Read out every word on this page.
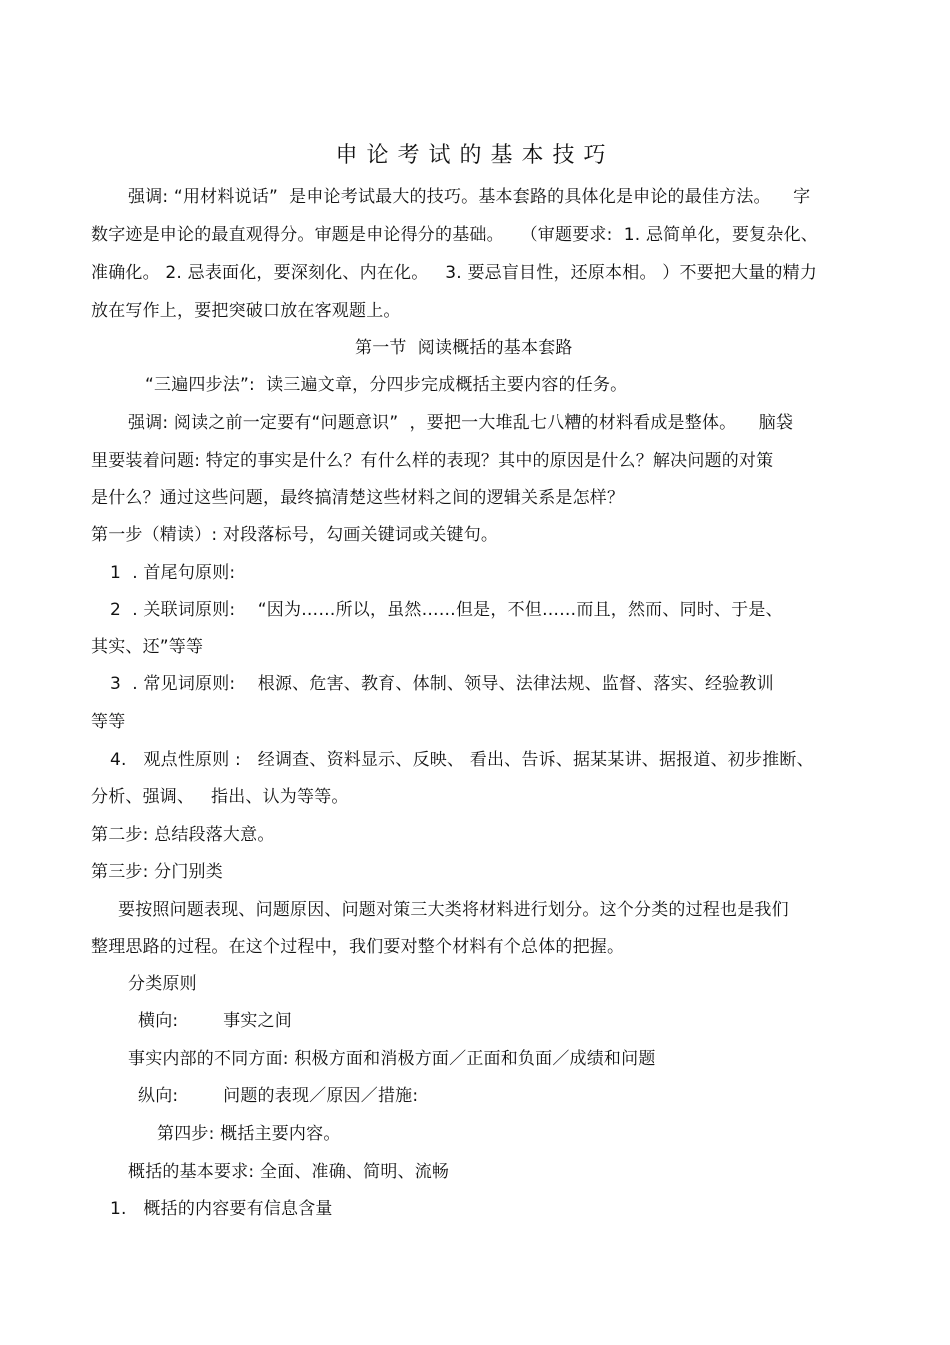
申论考试的基本技巧
强调: “用材料说话”  是申论考试最大的技巧。基本套路的具体化是申论的最佳方法。    字
数字迹是申论的最直观得分。审题是申论得分的基础。   （审题要求:  1. 忌简单化，要复杂化、
准确化。 2. 忌表面化，要深刻化、内在化。   3. 要忌盲目性，还原本相。 ）不要把大量的精力
放在写作上，要把突破口放在客观题上。
第一节  阅读概括的基本套路
“三遍四步法”:  读三遍文章，分四步完成概括主要内容的任务。
强调: 阅读之前一定要有“问题意识”  ，要把一大堆乱七八糟的材料看成是整体。    脑袋
里要装着问题: 特定的事实是什么？有什么样的表现？其中的原因是什么？解决问题的对策
是什么？通过这些问题，最终搞清楚这些材料之间的逻辑关系是怎样？
第一步（精读）: 对段落标号，勾画关键词或关键句。
1  . 首尾句原则:
2  . 关联词原则:    “因为……所以，虽然……但是，不但……而且，然而、同时、于是、
其实、还”等等
3  . 常见词原则:    根源、危害、教育、体制、领导、法律法规、监督、落实、经验教训
等等
4.   观点性原则 :   经调查、资料显示、反映、 看出、告诉、据某某讲、据报道、初步推断、
分析、强调、   指出、认为等等。
第二步: 总结段落大意。
第三步: 分门别类
要按照问题表现、问题原因、问题对策三大类将材料进行划分。这个分类的过程也是我们
整理思路的过程。在这个过程中，我们要对整个材料有个总体的把握。
分类原则
横向:        事实之间
事实内部的不同方面: 积极方面和消极方面／正面和负面／成绩和问题
纵向:        问题的表现／原因／措施:
第四步: 概括主要内容。
概括的基本要求: 全面、准确、简明、流畅
1.   概括的内容要有信息含量
